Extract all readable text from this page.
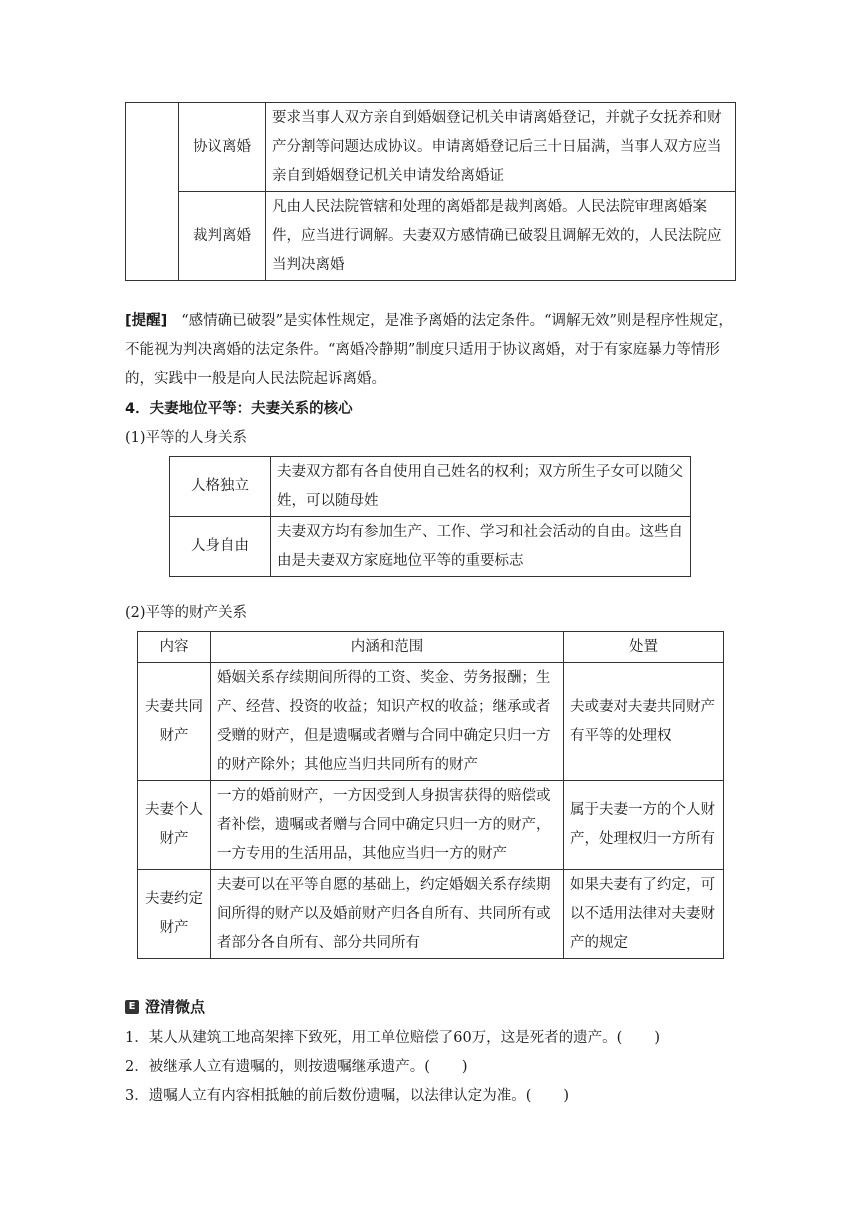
	协议离婚	要求当事人双方亲自到婚姻登记机关申请离婚登记，并就子女抚养和财产分割等问题达成协议。申请离婚登记后三十日届满，当事人双方应当亲自到婚姻登记机关申请发给离婚证
	裁判离婚	凡由人民法院管辖和处理的离婚都是裁判离婚。人民法院审理离婚案件，应当进行调解。夫妻双方感情确已破裂且调解无效的，人民法院应当判决离婚
[提醒] “感情确已破裂”是实体性规定，是准予离婚的法定条件。“调解无效”则是程序性规定，不能视为判决离婚的法定条件。“离婚冷静期”制度只适用于协议离婚，对于有家庭暴力等情形的，实践中一般是向人民法院起诉离婚。
4．夫妻地位平等：夫妻关系的核心
(1)平等的人身关系
人格独立	夫妻双方都有各自使用自己姓名的权利；双方所生子女可以随父姓，可以随母姓
人身自由	夫妻双方均有参加生产、工作、学习和社会活动的自由。这些自由是夫妻双方家庭地位平等的重要标志
(2)平等的财产关系
内容	内涵和范围	处置
夫妻共同财产	婚姻关系存续期间所得的工资、奖金、劳务报酬；生产、经营、投资的收益；知识产权的收益；继承或者受赠的财产，但是遗嘱或者赠与合同中确定只归一方的财产除外；其他应当归共同所有的财产	夫或妻对夫妻共同财产有平等的处理权
夫妻个人财产	一方的婚前财产，一方因受到人身损害获得的赔偿或者补偿，遗嘱或者赠与合同中确定只归一方的财产，一方专用的生活用品，其他应当归一方的财产	属于夫妻一方的个人财产，处理权归一方所有
夫妻约定财产	夫妻可以在平等自愿的基础上，约定婚姻关系存续期间所得的财产以及婚前财产归各自所有、共同所有或者部分各自所有、部分共同所有	如果夫妻有了约定，可以不适用法律对夫妻财产的规定
E 澄清微点
1．某人从建筑工地高架摔下致死，用工单位赔偿了60万，这是死者的遗产。( )
2．被继承人立有遗嘱的，则按遗嘱继承遗产。( )
3．遗嘱人立有内容相抵触的前后数份遗嘱，以法律认定为准。( )
